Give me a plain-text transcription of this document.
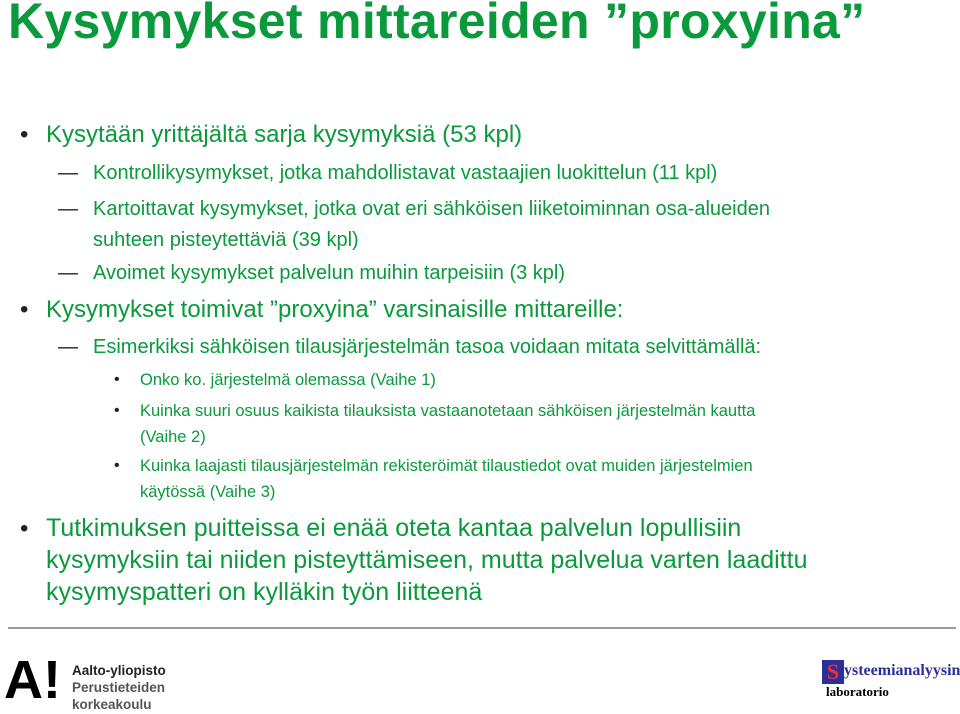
Kysymykset mittareiden ”proxyina”
• Kysytään yrittäjältä sarja kysymyksiä (53 kpl)
— Kontrollikysymykset, jotka mahdollistavat vastaajien luokittelun (11 kpl)
— Kartoittavat kysymykset, jotka ovat eri sähköisen liiketoiminnan osa-alueiden
suhteen pisteytettäviä (39 kpl)
— Avoimet kysymykset palvelun muihin tarpeisiin (3 kpl)
• Kysymykset toimivat ”proxyina” varsinaisille mittareille:
— Esimerkiksi sähköisen tilausjärjestelmän tasoa voidaan mitata selvittämällä:
• Onko ko. järjestelmä olemassa (Vaihe 1)
• Kuinka suuri osuus kaikista tilauksista vastaanotetaan sähköisen järjestelmän kautta
(Vaihe 2)
• Kuinka laajasti tilausjärjestelmän rekisteröimät tilaustiedot ovat muiden järjestelmien
käytössä (Vaihe 3)
• Tutkimuksen puitteissa ei enää oteta kantaa palvelun lopullisiin
kysymyksiin tai niiden pisteyttämiseen, mutta palvelua varten laadittu
kysymyspatteri on kylläkin työn liitteenä
A! Aalto-yliopisto
Perustieteiden
korkeakoulu
S ysteemianalyysin
laboratorio
